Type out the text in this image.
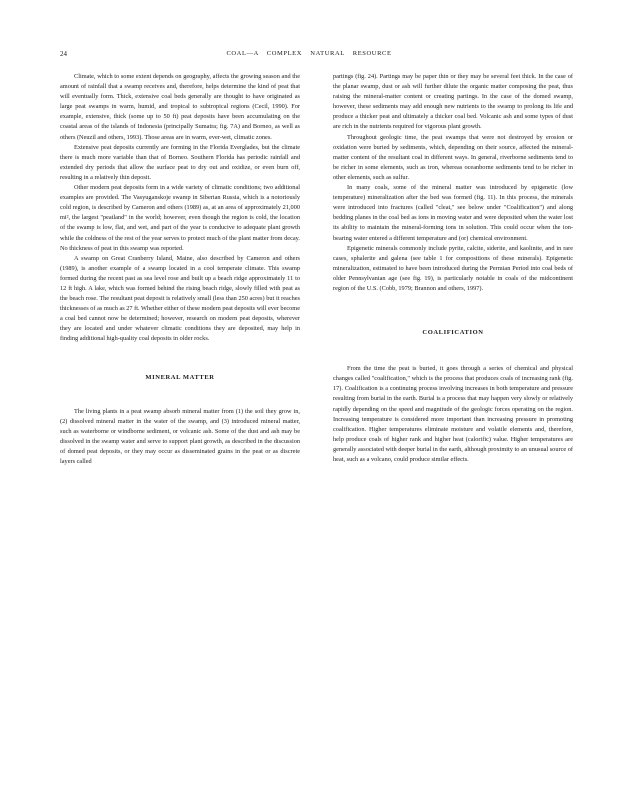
24	COAL—A COMPLEX NATURAL RESOURCE

Climate, which to some extent depends on geography, affects the growing season and the amount of rainfall that a swamp receives and, therefore, helps determine the kind of peat that will eventually form. Thick, extensive coal beds generally are thought to have originated as large peat swamps in warm, humid, and tropical to subtropical regions (Cecil, 1990). For example, extensive, thick (some up to 50 ft) peat deposits have been accumulating on the coastal areas of the islands of Indonesia (principally Sumatra; fig. 7A) and Borneo, as well as others (Neuzil and others, 1993). Those areas are in warm, ever-wet, climatic zones.

Extensive peat deposits currently are forming in the Florida Everglades, but the climate there is much more variable than that of Borneo. Southern Florida has periodic rainfall and extended dry periods that allow the surface peat to dry out and oxidize, or even burn off, resulting in a relatively thin deposit.

Other modern peat deposits form in a wide variety of climatic conditions; two additional examples are provided. The Vasyuganskoje swamp in Siberian Russia, which is a notoriously cold region, is described by Cameron and others (1989) as, at an area of approximately 21,000 mi², the largest "peatland" in the world; however, even though the region is cold, the location of the swamp is low, flat, and wet, and part of the year is conducive to adequate plant growth while the coldness of the rest of the year serves to protect much of the plant matter from decay. No thickness of peat in this swamp was reported.

A swamp on Great Cranberry Island, Maine, also described by Cameron and others (1989), is another example of a swamp located in a cool temperate climate. This swamp formed during the recent past as sea level rose and built up a beach ridge approximately 11 to 12 ft high. A lake, which was formed behind the rising beach ridge, slowly filled with peat as the beach rose. The resultant peat deposit is relatively small (less than 250 acres) but it reaches thicknesses of as much as 27 ft. Whether either of these modern peat deposits will ever become a coal bed cannot now be determined; however, research on modern peat deposits, wherever they are located and under whatever climatic conditions they are deposited, may help in finding additional high-quality coal deposits in older rocks.

MINERAL MATTER

The living plants in a peat swamp absorb mineral matter from (1) the soil they grow in, (2) dissolved mineral matter in the water of the swamp, and (3) introduced mineral matter, such as waterborne or windborne sediment, or volcanic ash. Some of the dust and ash may be dissolved in the swamp water and serve to support plant growth, as described in the discussion of domed peat deposits, or they may occur as disseminated grains in the peat or as discrete layers called

partings (fig. 24). Partings may be paper thin or they may be several feet thick. In the case of the planar swamp, dust or ash will further dilute the organic matter composing the peat, thus raising the mineral-matter content or creating partings. In the case of the domed swamp, however, these sediments may add enough new nutrients to the swamp to prolong its life and produce a thicker peat and ultimately a thicker coal bed. Volcanic ash and some types of dust are rich in the nutrients required for vigorous plant growth.

Throughout geologic time, the peat swamps that were not destroyed by erosion or oxidation were buried by sediments, which, depending on their source, affected the mineral-matter content of the resultant coal in different ways. In general, riverborne sediments tend to be richer in some elements, such as iron, whereas oceanborne sediments tend to be richer in other elements, such as sulfur.

In many coals, some of the mineral matter was introduced by epigenetic (low temperature) mineralization after the bed was formed (fig. 11). In this process, the minerals were introduced into fractures (called "cleat," see below under "Coalification") and along bedding planes in the coal bed as ions in moving water and were deposited when the water lost its ability to maintain the mineral-forming ions in solution. This could occur when the ion-bearing water entered a different temperature and (or) chemical environment.

Epigenetic minerals commonly include pyrite, calcite, siderite, and kaolinite, and in rare cases, sphalerite and galena (see table 1 for compositions of these minerals). Epigenetic mineralization, estimated to have been introduced during the Permian Period into coal beds of older Pennsylvanian age (see fig. 19), is particularly notable in coals of the midcontinent region of the U.S. (Cobb, 1979; Brannon and others, 1997).

COALIFICATION

From the time the peat is buried, it goes through a series of chemical and physical changes called "coalification," which is the process that produces coals of increasing rank (fig. 17). Coalification is a continuing process involving increases in both temperature and pressure resulting from burial in the earth. Burial is a process that may happen very slowly or relatively rapidly depending on the speed and magnitude of the geologic forces operating on the region. Increasing temperature is considered more important than increasing pressure in promoting coalification. Higher temperatures eliminate moisture and volatile elements and, therefore, help produce coals of higher rank and higher heat (calorific) value. Higher temperatures are generally associated with deeper burial in the earth, although proximity to an unusual source of heat, such as a volcano, could produce similar effects.
